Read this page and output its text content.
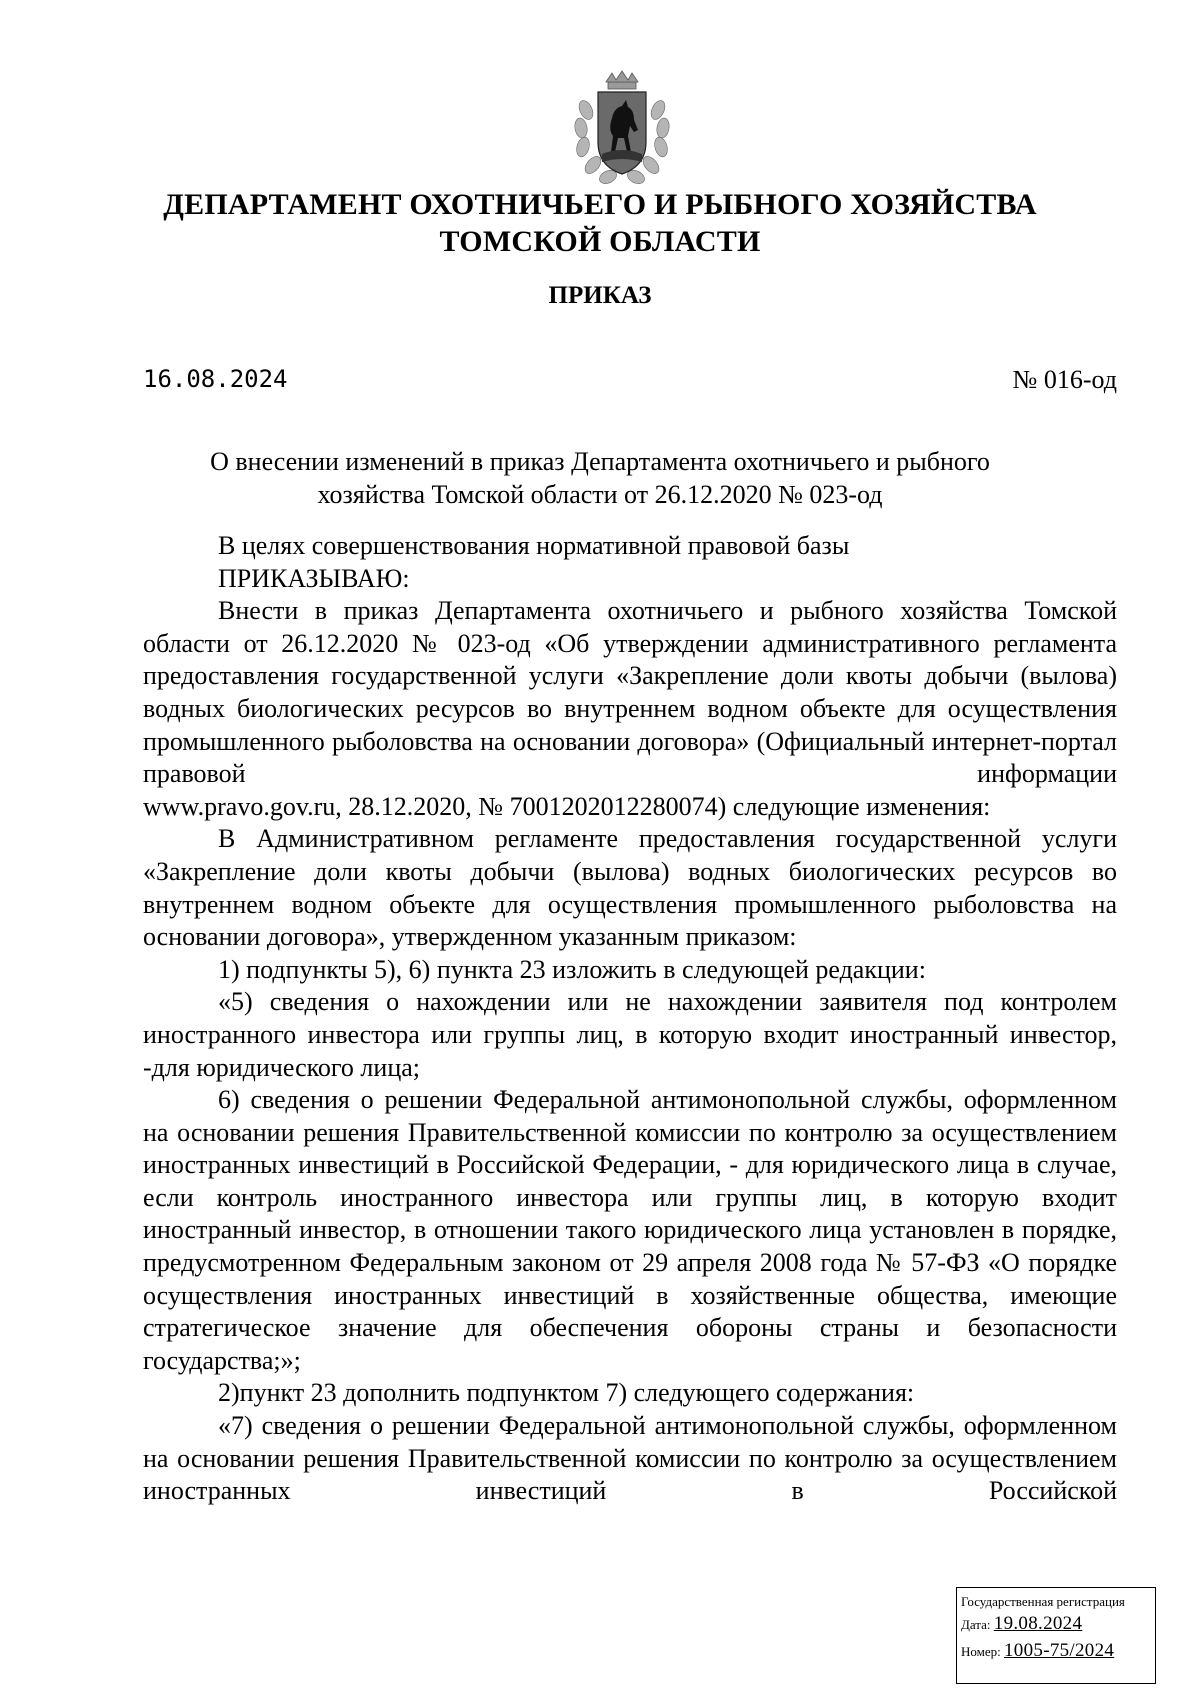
ДЕПАРТАМЕНТ ОХОТНИЧЬЕГО И РЫБНОГО ХОЗЯЙСТВА
ТОМСКОЙ ОБЛАСТИ
ПРИКАЗ
16.08.2024	№ 016-од
О внесении изменений в приказ Департамента охотничьего и рыбного
хозяйства Томской области от 26.12.2020 № 023-од

В целях совершенствования нормативной правовой базы

ПРИКАЗЫВАЮ:

Внести в приказ Департамента охотничьего и рыбного хозяйства Томской области от 26.12.2020 № 023-од «Об утверждении административного регламента предоставления государственной услуги «Закрепление доли квоты добычи (вылова) водных биологических ресурсов во внутреннем водном объекте для осуществления промышленного рыболовства на основании договора» (Официальный интернет-портал правовой информации

www.pravo.gov.ru, 28.12.2020, № 7001202012280074) следующие изменения:

В Административном регламенте предоставления государственной услуги «Закрепление доли квоты добычи (вылова) водных биологических ресурсов во внутреннем водном объекте для осуществления промышленного рыболовства на основании договора», утвержденном указанным приказом:

1) подпункты 5), 6) пункта 23 изложить в следующей редакции:

«5) сведения о нахождении или не нахождении заявителя под контролем иностранного инвестора или группы лиц, в которую входит иностранный инвестор, -для юридического лица;

6) сведения о решении Федеральной антимонопольной службы, оформленном на основании решения Правительственной комиссии по контролю за осуществлением иностранных инвестиций в Российской Федерации, - для юридического лица в случае, если контроль иностранного инвестора или группы лиц, в которую входит иностранный инвестор, в отношении такого юридического лица установлен в порядке, предусмотренном Федеральным законом от 29 апреля 2008 года № 57-ФЗ «О порядке осуществления иностранных инвестиций в хозяйственные общества, имеющие стратегическое значение для обеспечения обороны страны и безопасности государства;»;

2)пункт 23 дополнить подпунктом 7) следующего содержания:

«7) сведения о решении Федеральной антимонопольной службы, оформленном на основании решения Правительственной комиссии по контролю за осуществлением иностранных инвестиций в Российской

Государственная регистрация
Дата: 19.08.2024
Номер: 1005-75/2024
